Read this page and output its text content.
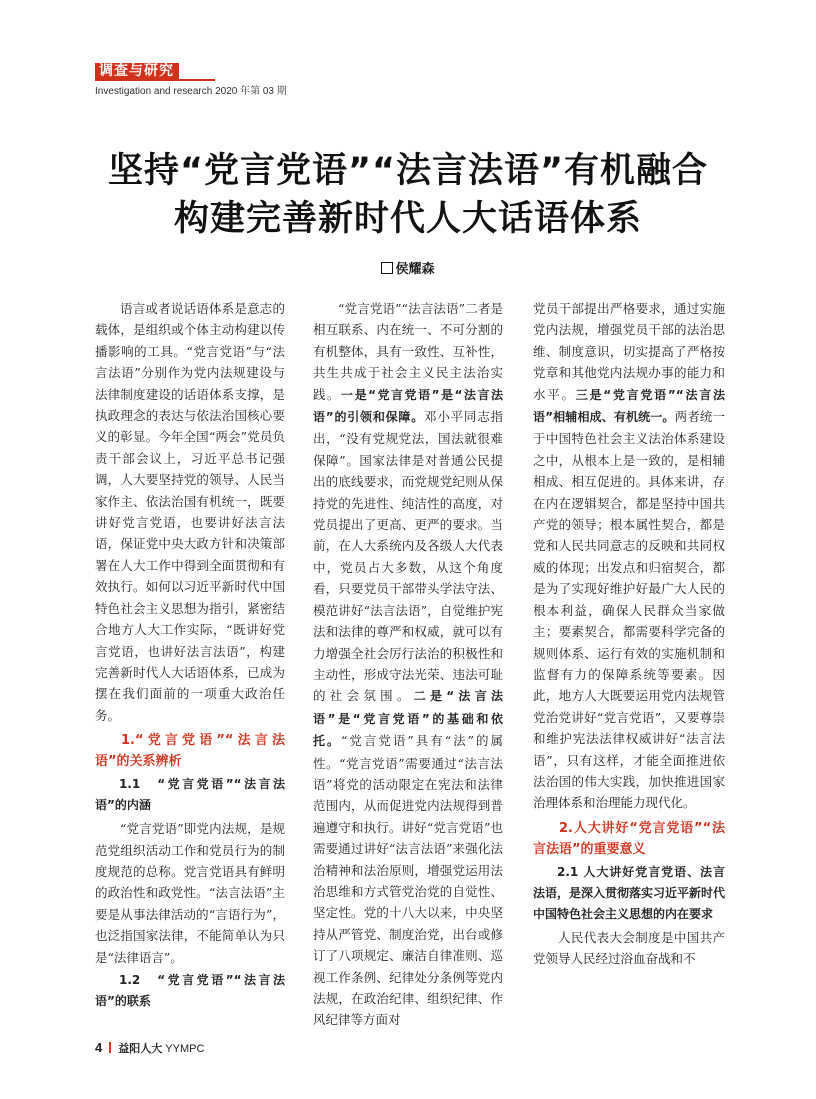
调查与研究
Investigation and research 2020 年第 03 期
坚持“党言党语”“法言法语”有机融合
构建完善新时代人大话语体系
侯耀森

语言或者说话语体系是意志的载体，是组织或个体主动构建以传播影响的工具。“党言党语”与“法言法语”分别作为党内法规建设与法律制度建设的话语体系支撑，是执政理念的表达与依法治国核心要义的彰显。今年全国“两会”党员负责干部会议上，习近平总书记强调，人大要坚持党的领导、人民当家作主、依法治国有机统一，既要讲好党言党语，也要讲好法言法语，保证党中央大政方针和决策部署在人大工作中得到全面贯彻和有效执行。如何以习近平新时代中国特色社会主义思想为指引，紧密结合地方人大工作实际，“既讲好党言党语，也讲好法言法语”，构建完善新时代人大话语体系，已成为摆在我们面前的一项重大政治任务。

1.“党言党语”“法言法语”的关系辨析
1.1　“党言党语”“法言法语”的内涵

“党言党语”即党内法规，是规范党组织活动工作和党员行为的制度规范的总称。党言党语具有鲜明的政治性和政党性。“法言法语”主要是从事法律活动的“言语行为”，也泛指国家法律，不能简单认为只是“法律语言”。

1.2　“党言党语”“法言法语”的联系

“党言党语”“法言法语”二者是相互联系、内在统一、不可分割的有机整体，具有一致性、互补性，共生共成于社会主义民主法治实践。一是“党言党语”是“法言法语”的引领和保障。邓小平同志指出，“没有党规党法，国法就很难保障”。国家法律是对普通公民提出的底线要求，而党规党纪则从保持党的先进性、纯洁性的高度，对党员提出了更高、更严的要求。当前，在人大系统内及各级人大代表中，党员占大多数，从这个角度看，只要党员干部带头学法守法、模范讲好“法言法语”，自觉维护宪法和法律的尊严和权威，就可以有力增强全社会厉行法治的积极性和主动性，形成守法光荣、违法可耻的社会氛围。二是“法言法语”是“党言党语”的基础和依托。“党言党语”具有“法”的属性。“党言党语”需要通过“法言法语”将党的活动限定在宪法和法律范围内，从而促进党内法规得到普遍遵守和执行。讲好“党言党语”也需要通过讲好“法言法语”来强化法治精神和法治原则，增强党运用法治思维和方式管党治党的自觉性、坚定性。党的十八大以来，中央坚持从严管党、制度治党，出台或修订了八项规定、廉洁自律准则、巡视工作条例、纪律处分条例等党内法规，在政治纪律、组织纪律、作风纪律等方面对

党员干部提出严格要求，通过实施党内法规，增强党员干部的法治思维、制度意识，切实提高了严格按党章和其他党内法规办事的能力和水平。三是“党言党语”“法言法语”相辅相成、有机统一。两者统一于中国特色社会主义法治体系建设之中，从根本上是一致的，是相辅相成、相互促进的。具体来讲，存在内在逻辑契合，都是坚持中国共产党的领导；根本属性契合，都是党和人民共同意志的反映和共同权威的体现；出发点和归宿契合，都是为了实现好维护好最广大人民的根本利益，确保人民群众当家做主；要素契合，都需要科学完备的规则体系、运行有效的实施机制和监督有力的保障系统等要素。因此，地方人大既要运用党内法规管党治党讲好“党言党语”，又要尊崇和维护宪法法律权威讲好“法言法语”，只有这样，才能全面推进依法治国的伟大实践，加快推进国家治理体系和治理能力现代化。

2.人大讲好“党言党语”“法言法语”的重要意义
2.1 人大讲好党言党语、法言法语，是深入贯彻落实习近平新时代中国特色社会主义思想的内在要求

人民代表大会制度是中国共产党领导人民经过浴血奋战和不

4 益阳人大 YYMPC
